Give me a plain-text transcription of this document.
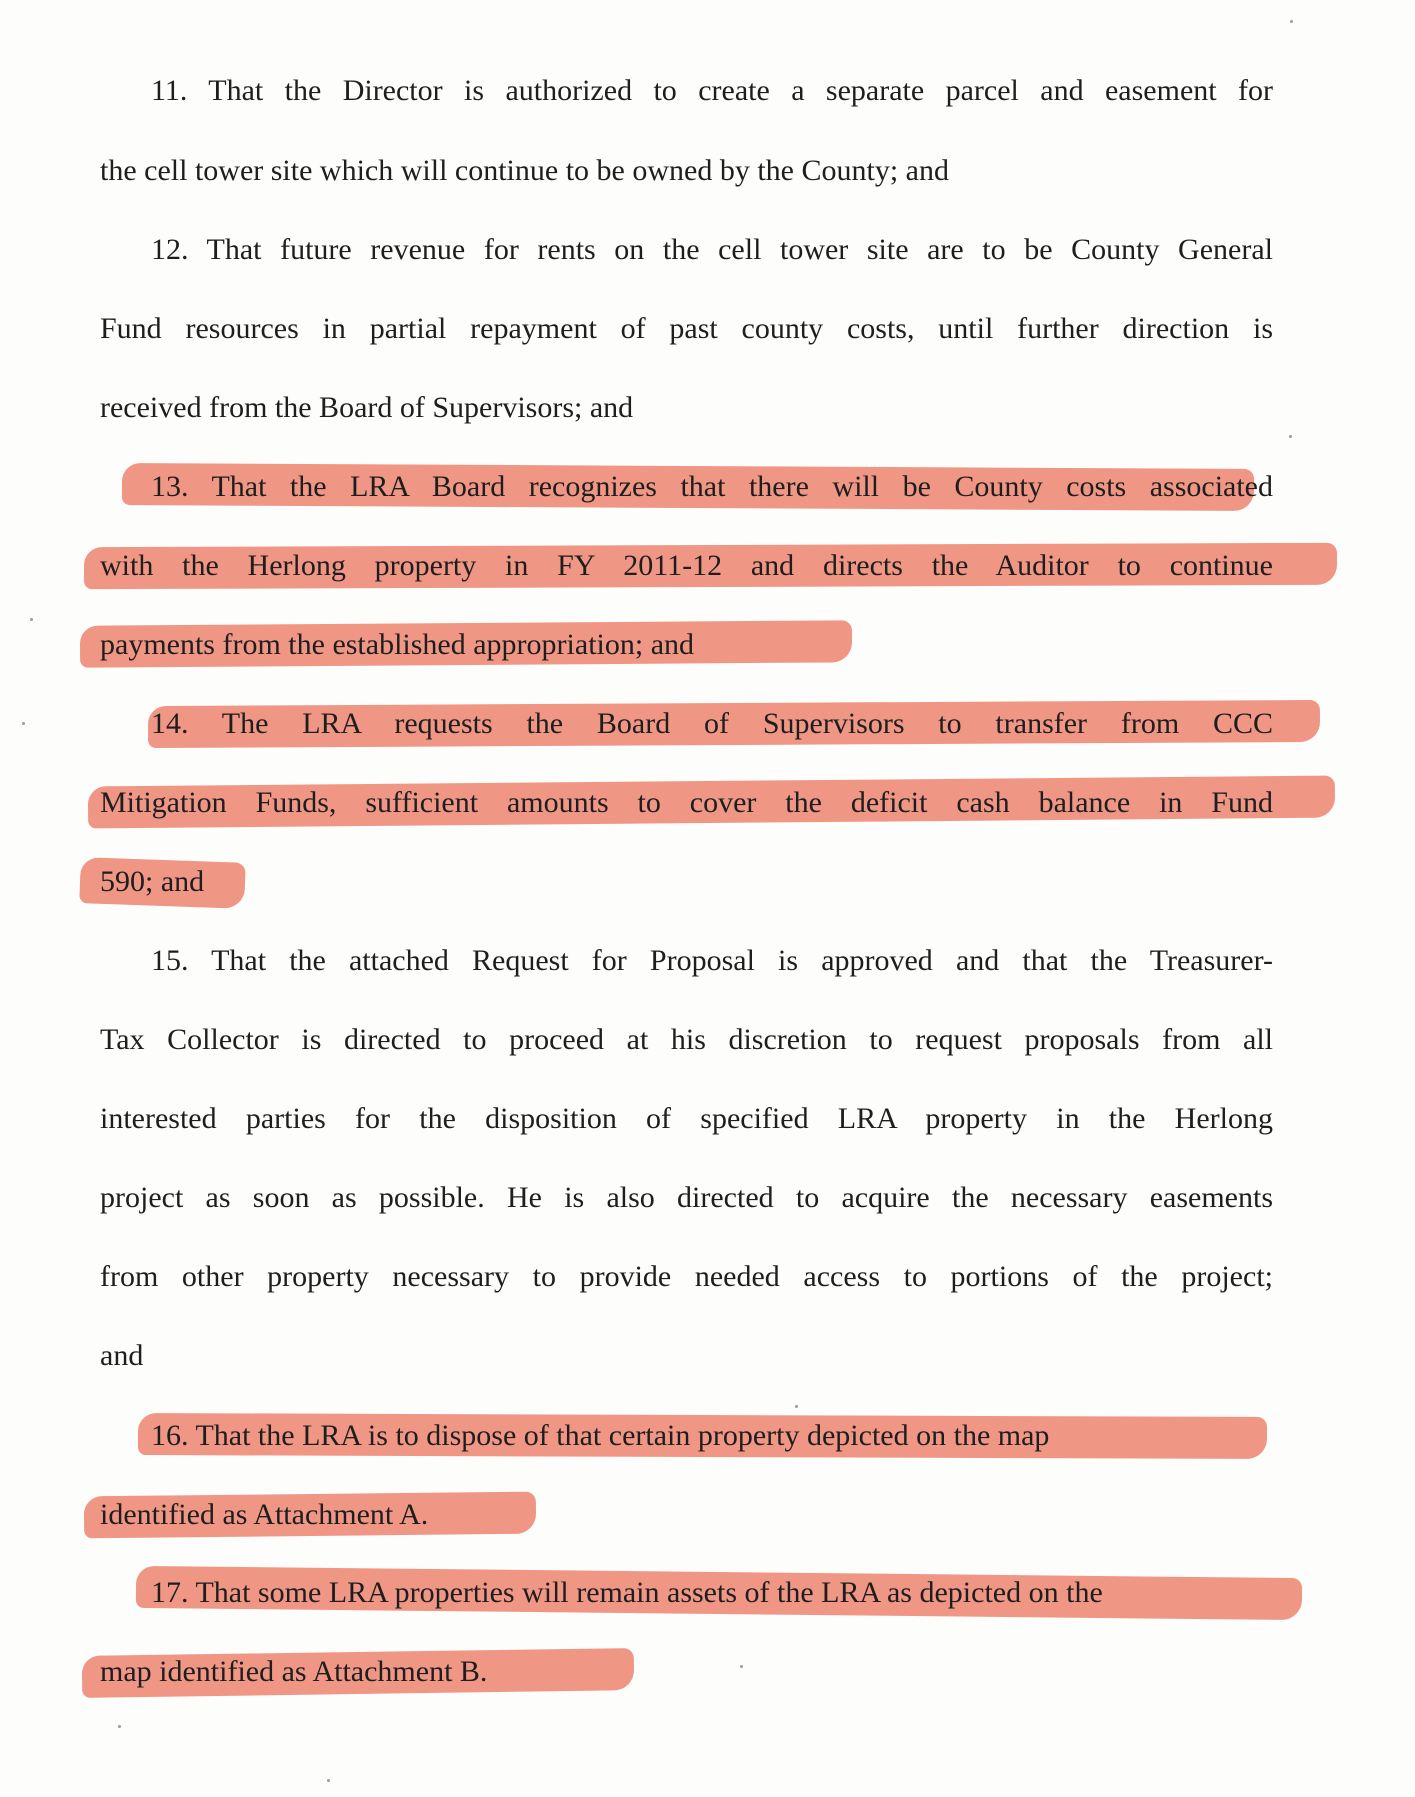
11. That the Director is authorized to create a separate parcel and easement for
the cell tower site which will continue to be owned by the County; and
12. That future revenue for rents on the cell tower site are to be County General
Fund resources in partial repayment of past county costs, until further direction is
received from the Board of Supervisors; and
13. That the LRA Board recognizes that there will be County costs associated
with the Herlong property in FY 2011-12 and directs the Auditor to continue
payments from the established appropriation; and
14. The LRA requests the Board of Supervisors to transfer from CCC
Mitigation Funds, sufficient amounts to cover the deficit cash balance in Fund
590; and
15. That the attached Request for Proposal is approved and that the Treasurer-
Tax Collector is directed to proceed at his discretion to request proposals from all
interested parties for the disposition of specified LRA property in the Herlong
project as soon as possible. He is also directed to acquire the necessary easements
from other property necessary to provide needed access to portions of the project;
and
16. That the LRA is to dispose of that certain property depicted on the map
identified as Attachment A.
17. That some LRA properties will remain assets of the LRA as depicted on the
map identified as Attachment B.
